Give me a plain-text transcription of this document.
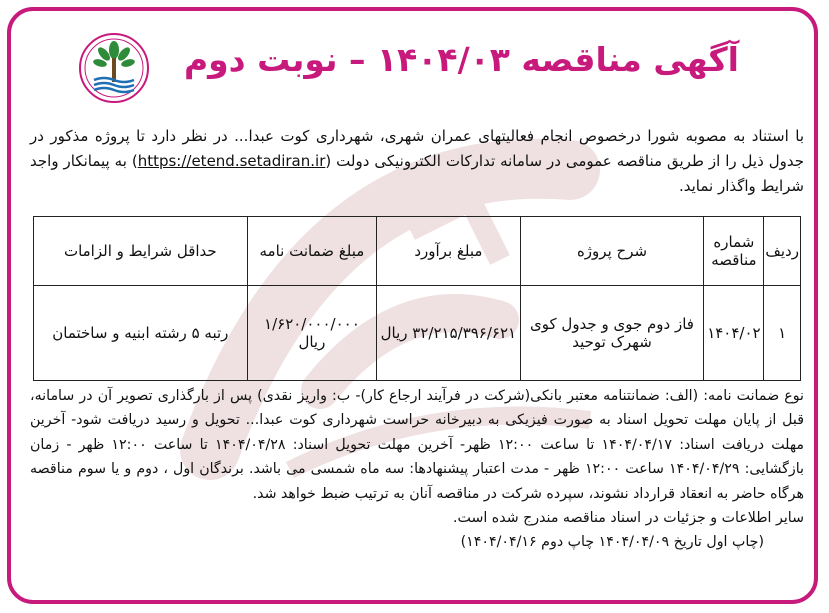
آگهی مناقصه ۱۴۰۴/۰۳ – نوبت دوم
با استناد به مصوبه شورا درخصوص انجام فعالیتهای عمران شهری، شهرداری کوت عبدا... در نظر دارد تا پروژه مذکور در جدول ذیل را از طریق مناقصه عمومی در سامانه تدارکات الکترونیکی دولت (https://etend.setadiran.ir) به پیمانکار واجد شرایط واگذار نماید.
ردیف	شماره مناقصه	شرح پروژه	مبلغ برآورد	مبلغ ضمانت نامه	حداقل شرایط و الزامات
۱	۱۴۰۴/۰۲	فاز دوم جوی و جدول کوی شهرک توحید	۳۲/۲۱۵/۳۹۶/۶۲۱ ریال	۱/۶۲۰/۰۰۰/۰۰۰ ریال	رتبه ۵ رشته ابنیه و ساختمان

نوع ضمانت نامه: (الف: ضمانتنامه معتبر بانکی(شرکت در فرآیند ارجاع کار)- ب: واریز نقدی) پس از بارگذاری تصویر آن در سامانه، قبل از پایان مهلت تحویل اسناد به صورت فیزیکی به دبیرخانه حراست شهرداری کوت عبدا... تحویل و رسید دریافت شود- آخرین مهلت دریافت اسناد: ۱۴۰۴/۰۴/۱۷ تا ساعت ۱۲:۰۰ ظهر- آخرین مهلت تحویل اسناد: ۱۴۰۴/۰۴/۲۸ تا ساعت ۱۲:۰۰ ظهر - زمان بازگشایی: ۱۴۰۴/۰۴/۲۹ ساعت ۱۲:۰۰ ظهر - مدت اعتبار پیشنهادها: سه ماه شمسی می باشد. برندگان اول ، دوم و یا سوم مناقصه هرگاه حاضر به انعقاد قرارداد نشوند، سپرده شرکت در مناقصه آنان به ترتیب ضبط خواهد شد.

سایر اطلاعات و جزئیات در اسناد مناقصه مندرج شده است.

(چاپ اول تاریخ ۱۴۰۴/۰۴/۰۹ چاپ دوم ۱۴۰۴/۰۴/۱۶)
